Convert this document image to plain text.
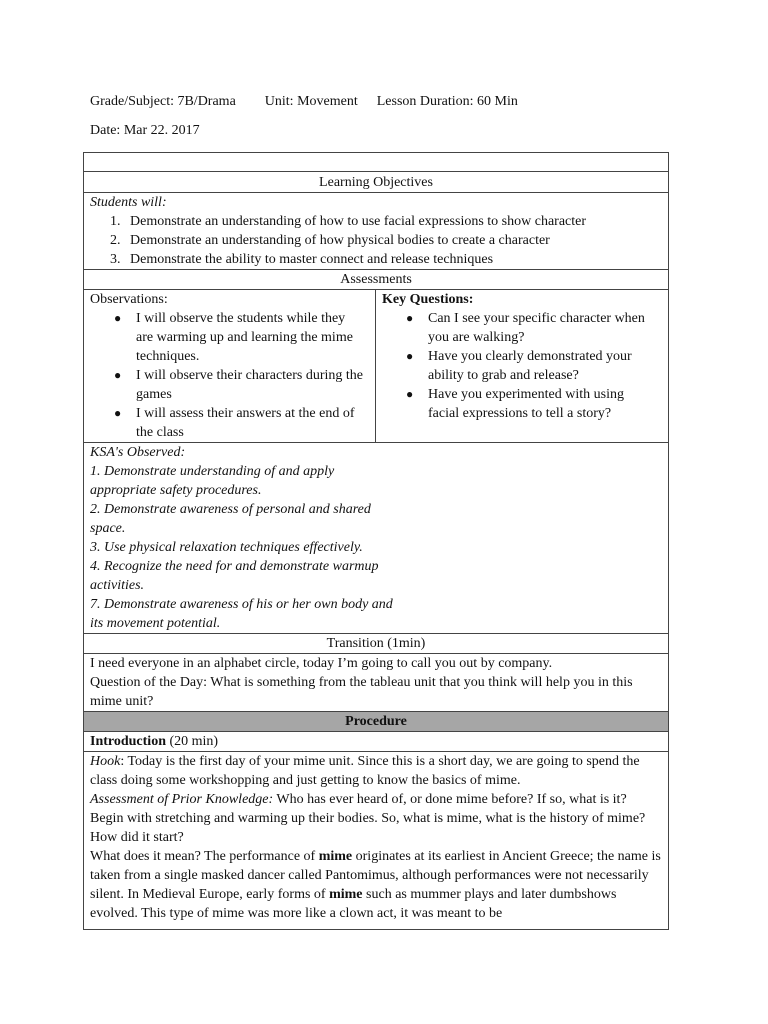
Grade/Subject: 7B/Drama Unit: Movement Lesson Duration: 60 Min
Date: Mar 22. 2017
Learning Objectives
Students will:
1. Demonstrate an understanding of how to use facial expressions to show character
2. Demonstrate an understanding of how physical bodies to create a character
3. Demonstrate the ability to master connect and release techniques
Assessments
Observations:
● I will observe the students while they are warming up and learning the mime techniques.
● I will observe their characters during the games
● I will assess their answers at the end of the class
Key Questions:
● Can I see your specific character when you are walking?
● Have you clearly demonstrated your ability to grab and release?
● Have you experimented with using facial expressions to tell a story?
KSA's Observed:
1. Demonstrate understanding of and apply appropriate safety procedures.
2. Demonstrate awareness of personal and shared space.
3. Use physical relaxation techniques effectively.
4. Recognize the need for and demonstrate warmup activities.
7. Demonstrate awareness of his or her own body and its movement potential.
Transition (1min)
I need everyone in an alphabet circle, today I’m going to call you out by company.
Question of the Day: What is something from the tableau unit that you think will help you in this mime unit?
Procedure
Introduction (20 min)
Hook: Today is the first day of your mime unit. Since this is a short day, we are going to spend the class doing some workshopping and just getting to know the basics of mime.
Assessment of Prior Knowledge: Who has ever heard of, or done mime before? If so, what is it?
Begin with stretching and warming up their bodies. So, what is mime, what is the history of mime? How did it start?
What does it mean? The performance of mime originates at its earliest in Ancient Greece; the name is taken from a single masked dancer called Pantomimus, although performances were not necessarily silent. In Medieval Europe, early forms of mime such as mummer plays and later dumbshows evolved. This type of mime was more like a clown act, it was meant to be
